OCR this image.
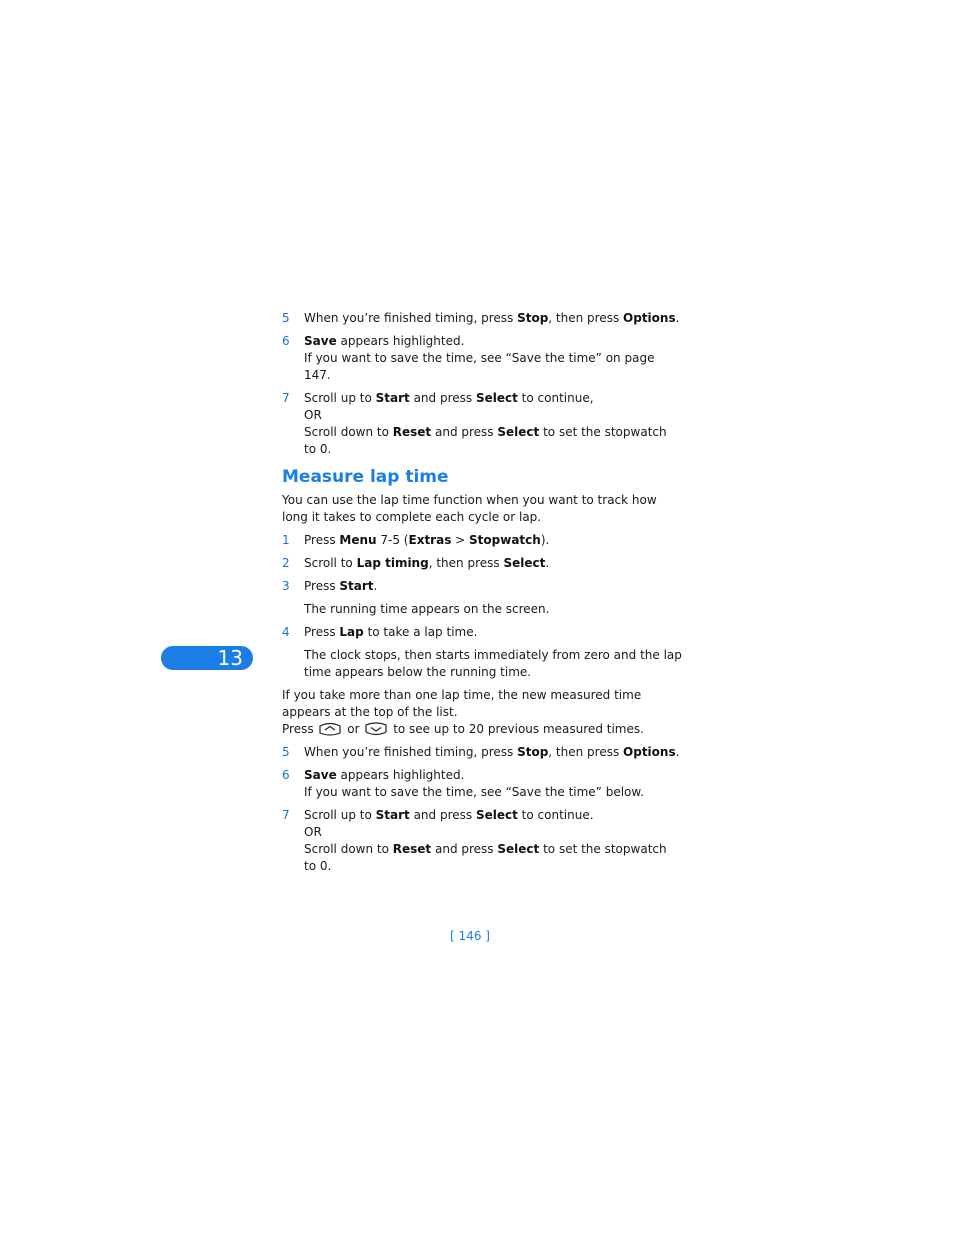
5 When you’re finished timing, press Stop, then press Options.
6 Save appears highlighted.
If you want to save the time, see “Save the time” on page 147.
7 Scroll up to Start and press Select to continue,
OR
Scroll down to Reset and press Select to set the stopwatch to 0.
Measure lap time
You can use the lap time function when you want to track how long it takes to complete each cycle or lap.
1 Press Menu 7-5 (Extras > Stopwatch).
2 Scroll to Lap timing, then press Select.
3 Press Start.
The running time appears on the screen.
4 Press Lap to take a lap time.
The clock stops, then starts immediately from zero and the lap time appears below the running time.
If you take more than one lap time, the new measured time appears at the top of the list.
Press	or	to see up to 20 previous measured times.
5 When you’re finished timing, press Stop, then press Options.
6 Save appears highlighted.
If you want to save the time, see “Save the time” below.
7 Scroll up to Start and press Select to continue.
OR
Scroll down to Reset and press Select to set the stopwatch to 0.
13
[ 146 ]
